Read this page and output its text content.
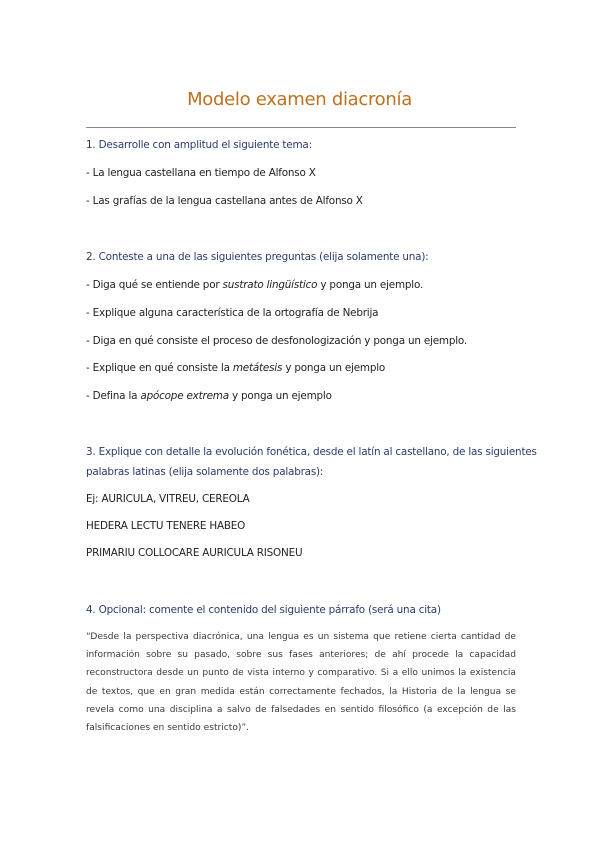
Modelo examen diacronía
1. Desarrolle con amplitud el siguiente tema:
- La lengua castellana en tiempo de Alfonso X
- Las grafías de la lengua castellana antes de Alfonso X
2. Conteste a una de las siguientes preguntas (elija solamente una):
- Diga qué se entiende por sustrato lingüístico y ponga un ejemplo.
- Explique alguna característica de la ortografía de Nebrija
- Diga en qué consiste el proceso de desfonologización y ponga un ejemplo.
- Explique en qué consiste la metátesis y ponga un ejemplo
- Defina la apócope extrema y ponga un ejemplo
3. Explique con detalle la evolución fonética, desde el latín al castellano, de las siguientes
palabras latinas (elija solamente dos palabras):
Ej: AURICULA, VITREU, CEREOLA
HEDERA LECTU TENERE HABEO
PRIMARIU COLLOCARE AURICULA RISONEU
4. Opcional: comente el contenido del siguiente párrafo (será una cita)
“Desde la perspectiva diacrónica, una lengua es un sistema que retiene cierta cantidad de información sobre su pasado, sobre sus fases anteriores; de ahí procede la capacidad reconstructora desde un punto de vista interno y comparativo. Si a ello unimos la existencia de textos, que en gran medida están correctamente fechados, la Historia de la lengua se revela como una disciplina a salvo de falsedades en sentido filosófico (a excepción de las falsificaciones en sentido estricto)”.
